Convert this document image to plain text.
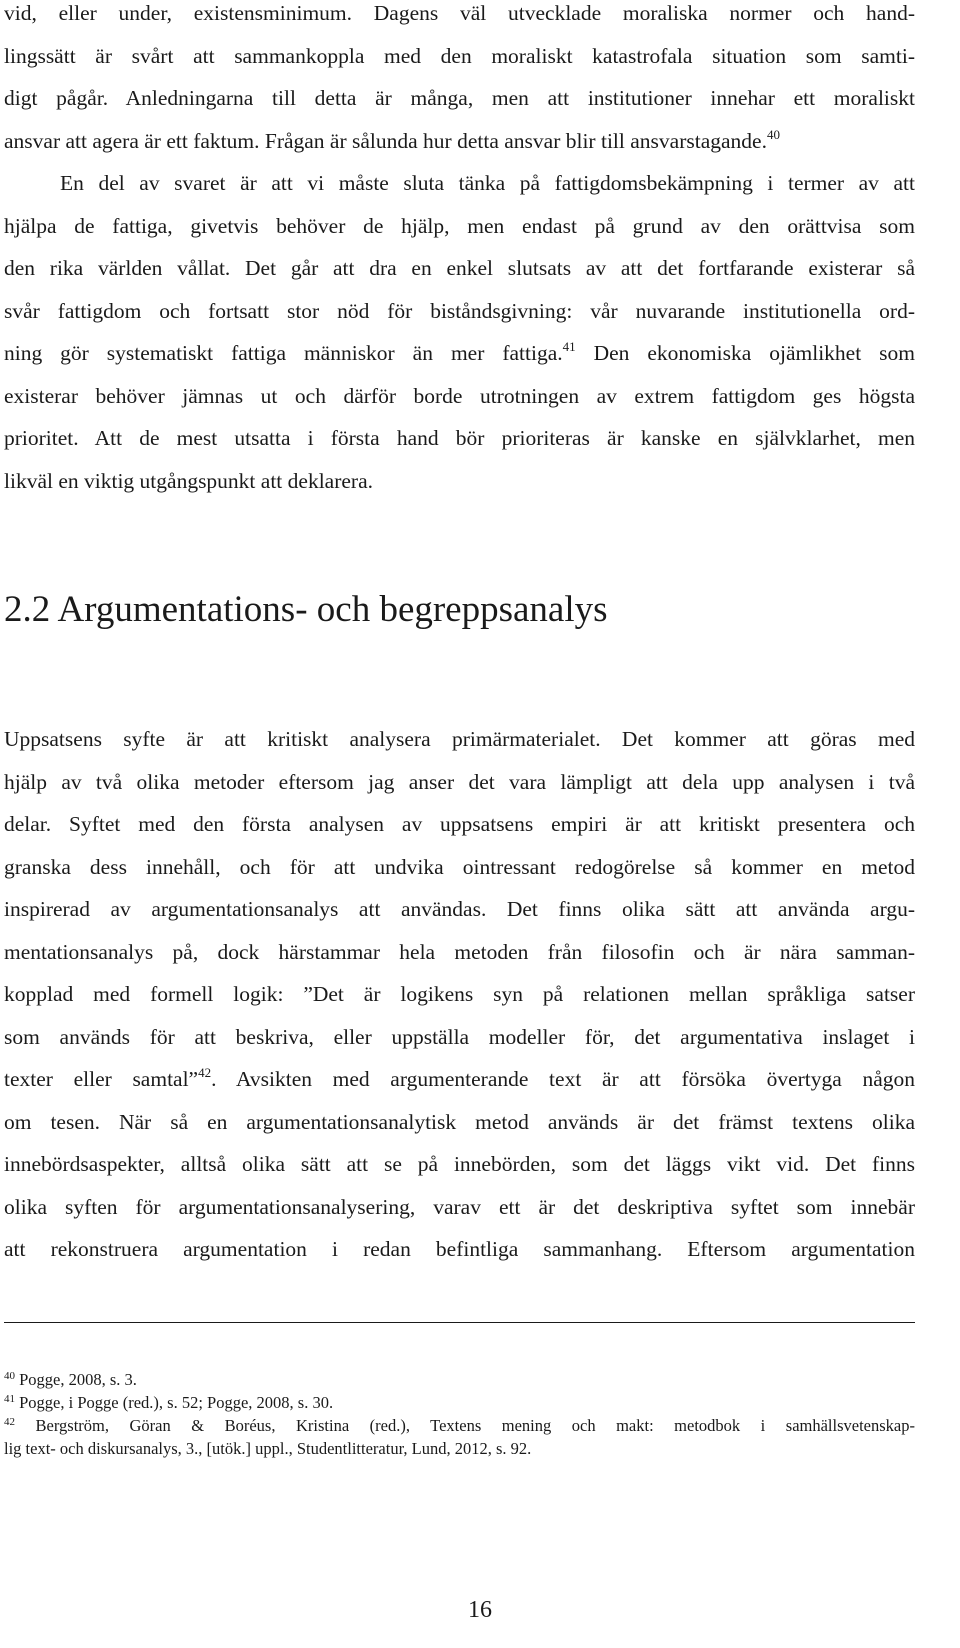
vid, eller under, existensminimum. Dagens väl utvecklade moraliska normer och hand-
lingssätt är svårt att sammankoppla med den moraliskt katastrofala situation som samti-
digt pågår. Anledningarna till detta är många, men att institutioner innehar ett moraliskt
ansvar att agera är ett faktum. Frågan är sålunda hur detta ansvar blir till ansvarstagande.$^{40}$

En del av svaret är att vi måste sluta tänka på fattigdomsbekämpning i termer av att
hjälpa de fattiga, givetvis behöver de hjälp, men endast på grund av den orättvisa som
den rika världen vållat. Det går att dra en enkel slutsats av att det fortfarande existerar så
svår fattigdom och fortsatt stor nöd för biståndsgivning: vår nuvarande institutionella ord-
ning gör systematiskt fattiga människor än mer fattiga.$^{41}$ Den ekonomiska ojämlikhet som
existerar behöver jämnas ut och därför borde utrotningen av extrem fattigdom ges högsta
prioritet. Att de mest utsatta i första hand bör prioriteras är kanske en självklarhet, men
likväl en viktig utgångspunkt att deklarera.

2.2 Argumentations- och begreppsanalys

Uppsatsens syfte är att kritiskt analysera primärmaterialet. Det kommer att göras med
hjälp av två olika metoder eftersom jag anser det vara lämpligt att dela upp analysen i två
delar. Syftet med den första analysen av uppsatsens empiri är att kritiskt presentera och
granska dess innehåll, och för att undvika ointressant redogörelse så kommer en metod
inspirerad av argumentationsanalys att användas. Det finns olika sätt att använda argu-
mentationsanalys på, dock härstammar hela metoden från filosofin och är nära samman-
kopplad med formell logik: ”Det är logikens syn på relationen mellan språkliga satser
som används för att beskriva, eller uppställa modeller för, det argumentativa inslaget i
texter eller samtal”$^{42}$. Avsikten med argumenterande text är att försöka övertyga någon
om tesen. När så en argumentationsanalytisk metod används är det främst textens olika
innebördsaspekter, alltså olika sätt att se på innebörden, som det läggs vikt vid. Det finns
olika syften för argumentationsanalysering, varav ett är det deskriptiva syftet som innebär
att rekonstruera argumentation i redan befintliga sammanhang. Eftersom argumentation

$^{40}$ Pogge, 2008, s. 3.
$^{41}$ Pogge, i Pogge (red.), s. 52; Pogge, 2008, s. 30.
$^{42}$ Bergström, Göran & Boréus, Kristina (red.), Textens mening och makt: metodbok i samhällsvetenskap-
lig text- och diskursanalys, 3., [utök.] uppl., Studentlitteratur, Lund, 2012, s. 92.
16
